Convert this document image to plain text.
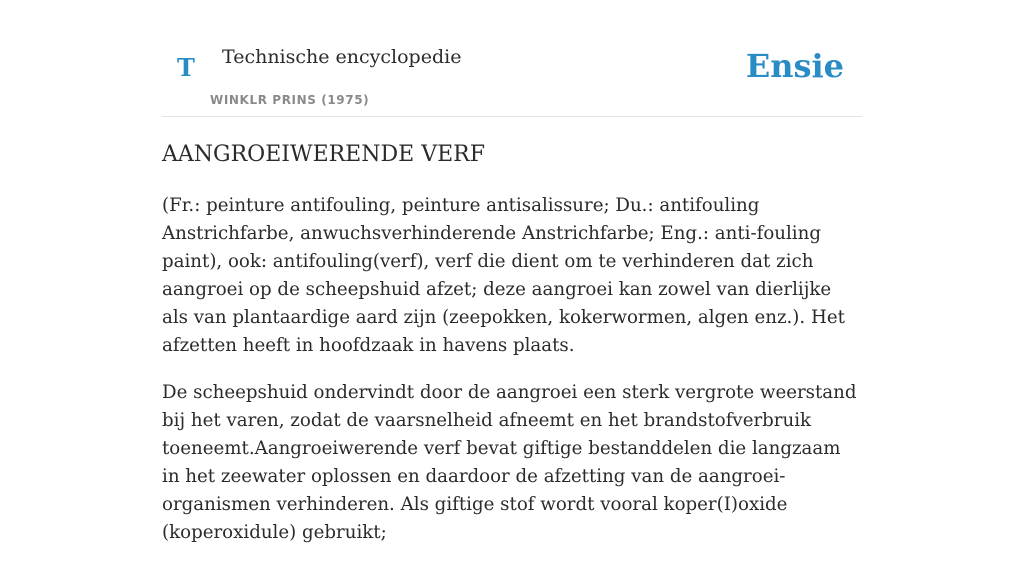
T Technische encyclopedie
WINKLR PRINS (1975)
Ensie
AANGROEIWERENDE VERF

(Fr.: peinture antifouling, peinture antisalissure; Du.: antifouling Anstrichfarbe, anwuchsverhinderende Anstrichfarbe; Eng.: anti-fouling paint), ook: antifouling(verf), verf die dient om te verhinderen dat zich aangroei op de scheepshuid afzet; deze aangroei kan zowel van dierlijke als van plantaardige aard zijn (zeepokken, kokerwormen, algen enz.). Het afzetten heeft in hoofdzaak in havens plaats.

De scheepshuid ondervindt door de aangroei een sterk vergrote weerstand bij het varen, zodat de vaarsnelheid afneemt en het brandstofverbruik toeneemt.Aangroeiwerende verf bevat giftige bestanddelen die langzaam in het zeewater oplossen en daardoor de afzetting van de aangroei-organismen verhinderen. Als giftige stof wordt vooral koper(I)oxide (koperoxidule) gebruikt;
